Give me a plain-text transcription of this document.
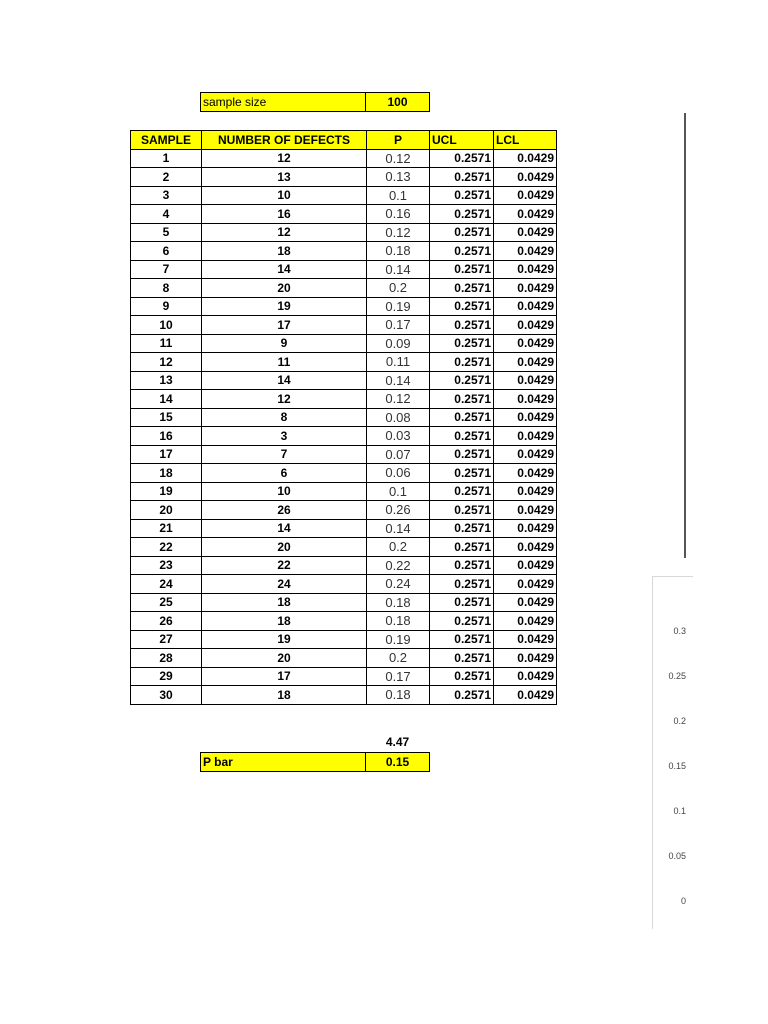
sample size	100
SAMPLE	NUMBER OF DEFECTS	P	UCL	LCL
1	12	0.12	0.2571	0.0429
2	13	0.13	0.2571	0.0429
3	10	0.1	0.2571	0.0429
4	16	0.16	0.2571	0.0429
5	12	0.12	0.2571	0.0429
6	18	0.18	0.2571	0.0429
7	14	0.14	0.2571	0.0429
8	20	0.2	0.2571	0.0429
9	19	0.19	0.2571	0.0429
10	17	0.17	0.2571	0.0429
11	9	0.09	0.2571	0.0429
12	11	0.11	0.2571	0.0429
13	14	0.14	0.2571	0.0429
14	12	0.12	0.2571	0.0429
15	8	0.08	0.2571	0.0429
16	3	0.03	0.2571	0.0429
17	7	0.07	0.2571	0.0429
18	6	0.06	0.2571	0.0429
19	10	0.1	0.2571	0.0429
20	26	0.26	0.2571	0.0429
21	14	0.14	0.2571	0.0429
22	20	0.2	0.2571	0.0429
23	22	0.22	0.2571	0.0429
24	24	0.24	0.2571	0.0429
25	18	0.18	0.2571	0.0429
26	18	0.18	0.2571	0.0429
27	19	0.19	0.2571	0.0429
28	20	0.2	0.2571	0.0429
29	17	0.17	0.2571	0.0429
30	18	0.18	0.2571	0.0429
4.47
P bar	0.15
0.3
0.25
0.2
0.15
0.1
0.05
0
